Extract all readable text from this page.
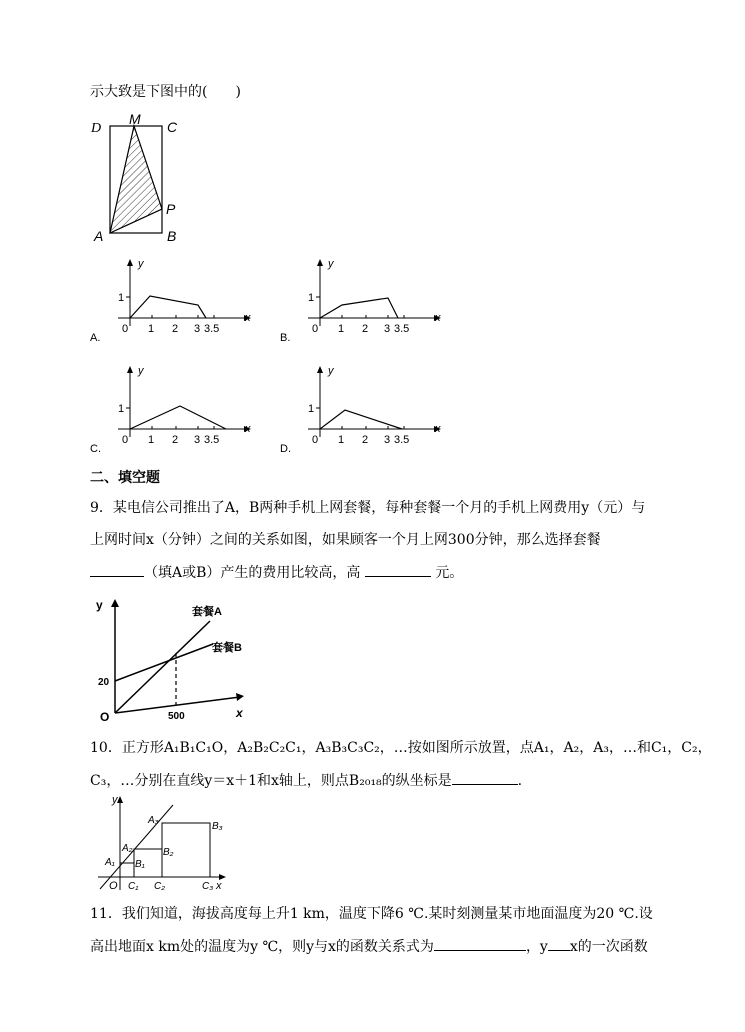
示大致是下图中的(　　)
D
M C
A	B
P
A.
y
x
1
0 1 2 3 3.5
B.
y
x
1
0 1 2 3 3.5
C.
y
x
1
0 1 2 3 3.5
D.
y
x
1
0 1 2 3 3.5
二、填空题
9．某电信公司推出了A，B两种手机上网套餐，每种套餐一个月的手机上网费用y（元）与
上网时间x（分钟）之间的关系如图，如果顾客一个月上网300分钟，那么选择套餐
（填A或B）产生的费用比较高，高	元。
y
x
O
20
500
套餐A
套餐B
10．正方形A₁B₁C₁O，A₂B₂C₂C₁，A₃B₃C₃C₂，…按如图所示放置，点A₁，A₂，A₃，…和C₁，C₂，
C₃，…分别在直线y＝x＋1和x轴上，则点B₂₀₁₈的纵坐标是	.
y
x
O
A₁
A₂
A₃
B₁
B₂
B₃
C₁ C₂	C₃
11．我们知道，海拔高度每上升1 km，温度下降6 ℃.某时刻测量某市地面温度为20 ℃.设
高出地面x km处的温度为y ℃，则y与x的函数关系式为	，y x的一次函数
